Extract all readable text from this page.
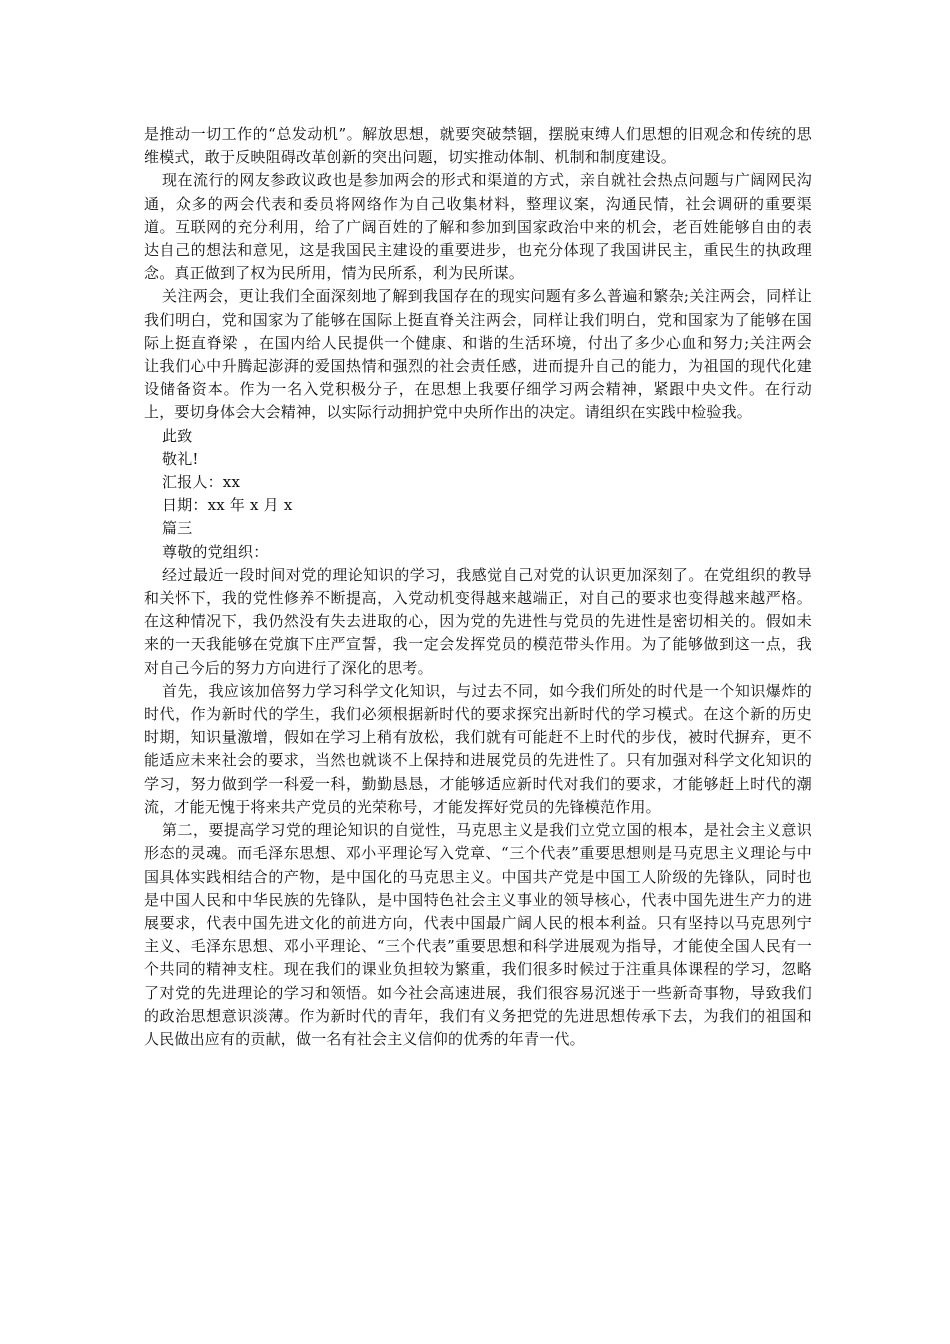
是推动一切工作的“总发动机”。解放思想，就要突破禁锢，摆脱束缚人们思想的旧观念和传统的思 维模式，敢于反映阻碍改革创新的突出问题，切实推动体制、机制和制度建设。

现在流行的网友参政议政也是参加两会的形式和渠道的方式，亲自就社会热点问题与广阔网民沟通，众多的两会代表和委员将网络作为自己收集材料，整理议案，沟通民情，社会调研的重要渠道。互联网的充分利用，给了广阔百姓的了解和参加到国家政治中来的机会，老百姓能够自由的表达自己的想法和意见，这是我国民主建设的重要进步，也充分体现了我国讲民主，重民生的执政理念。真正做到了权为民所用，情为民所系，利为民所谋。

关注两会，更让我们全面深刻地了解到我国存在的现实问题有多么普遍和繁杂;关注两会，同样让我们明白，党和国家为了能够在国际上挺直脊关注两会，同样让我们明白，党和国家为了能够在国际上挺直脊梁 ，在国内给人民提供一个健康、和谐的生活环境，付出了多少心血和努力;关注两会 让我们心中升腾起澎湃的爱国热情和强烈的社会责任感，进而提升自己的能力，为祖国的现代化建设储备资本。作为一名入党积极分子，在思想上我要仔细学习两会精神，紧跟中央文件。在行动上，要切身体会大会精神，以实际行动拥护党中央所作出的决定。请组织在实践中检验我。

此致

敬礼!

汇报人：xx

日期：xx 年 x 月 x

篇三

尊敬的党组织：

经过最近一段时间对党的理论知识的学习，我感觉自己对党的认识更加深刻了。在党组织的教导和关怀下，我的党性修养不断提高，入党动机变得越来越端正，对自己的要求也变得越来越严格。在这种情况下，我仍然没有失去进取的心，因为党的先进性与党员的先进性是密切相关的。假如未来的一天我能够在党旗下庄严宣誓，我一定会发挥党员的模范带头作用。为了能够做到这一点，我对自己今后的努力方向进行了深化的思考。

首先，我应该加倍努力学习科学文化知识，与过去不同，如今我们所处的时代是一个知识爆炸的时代，作为新时代的学生，我们必须根据新时代的要求探究出新时代的学习模式。在这个新的历史时期，知识量激增，假如在学习上稍有放松，我们就有可能赶不上时代的步伐，被时代摒弃，更不能适应未来社会的要求，当然也就谈不上保持和进展党员的先进性了。只有加强对科学文化知识的学习，努力做到学一科爱一科，勤勤恳恳，才能够适应新时代对我们的要求，才能够赶上时代的潮流，才能无愧于将来共产党员的光荣称号，才能发挥好党员的先锋模范作用。

第二，要提高学习党的理论知识的自觉性，马克思主义是我们立党立国的根本，是社会主义意识形态的灵魂。而毛泽东思想、邓小平理论写入党章、“三个代表”重要思想则是马克思主义理论与中国具体实践相结合的产物，是中国化的马克思主义。中国共产党是中国工人阶级的先锋队，同时也是中国人民和中华民族的先锋队，是中国特色社会主义事业的领导核心，代表中国先进生产力的进展要求，代表中国先进文化的前进方向，代表中国最广阔人民的根本利益。只有坚持以马克思列宁主义、毛泽东思想、邓小平理论、“三个代表”重要思想和科学进展观为指导，才能使全国人民有一个共同的精神支柱。现在我们的课业负担较为繁重，我们很多时候过于注重具体课程的学习，忽略了对党的先进理论的学习和领悟。如今社会高速进展，我们很容易沉迷于一些新奇事物，导致我们的政治思想意识淡薄。作为新时代的青年，我们有义务把党的先进思想传承下去，为我们的祖国和人民做出应有的贡献，做一名有社会主义信仰的优秀的年青一代。
